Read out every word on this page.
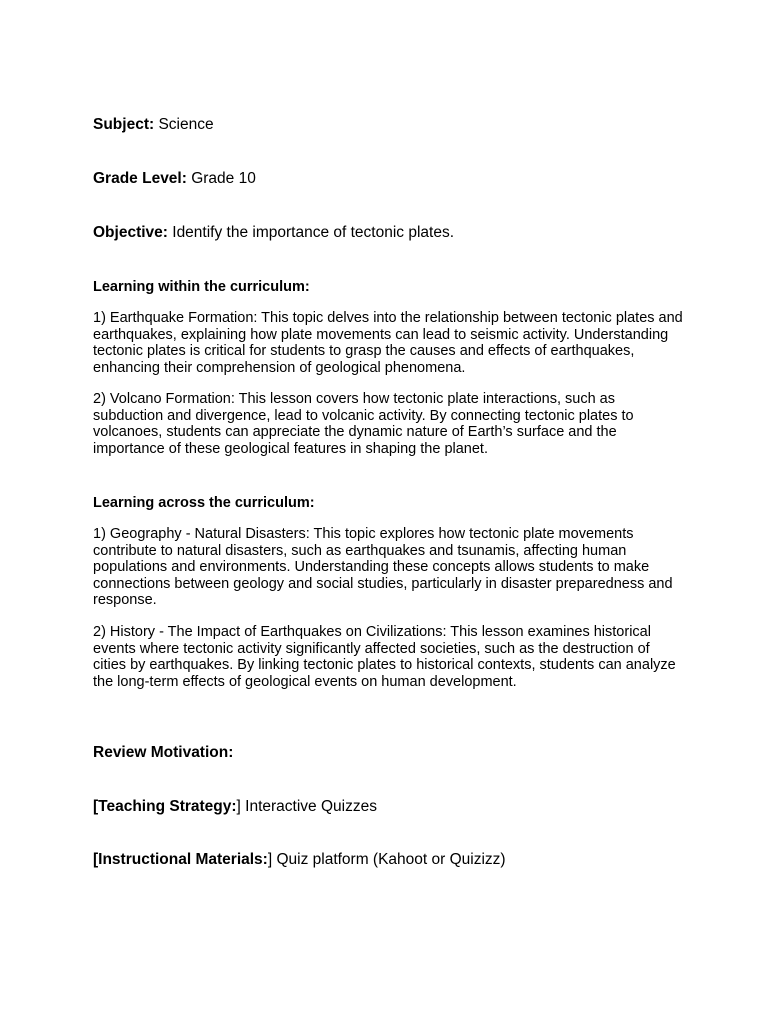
Subject: Science
Grade Level: Grade 10
Objective: Identify the importance of tectonic plates.
Learning within the curriculum:
1) Earthquake Formation: This topic delves into the relationship between tectonic plates and earthquakes, explaining how plate movements can lead to seismic activity. Understanding tectonic plates is critical for students to grasp the causes and effects of earthquakes, enhancing their comprehension of geological phenomena.
2) Volcano Formation: This lesson covers how tectonic plate interactions, such as subduction and divergence, lead to volcanic activity. By connecting tectonic plates to volcanoes, students can appreciate the dynamic nature of Earth’s surface and the importance of these geological features in shaping the planet.
Learning across the curriculum:
1) Geography - Natural Disasters: This topic explores how tectonic plate movements contribute to natural disasters, such as earthquakes and tsunamis, affecting human populations and environments. Understanding these concepts allows students to make connections between geology and social studies, particularly in disaster preparedness and response.
2) History - The Impact of Earthquakes on Civilizations: This lesson examines historical events where tectonic activity significantly affected societies, such as the destruction of cities by earthquakes. By linking tectonic plates to historical contexts, students can analyze the long-term effects of geological events on human development.
Review Motivation:
[Teaching Strategy:] Interactive Quizzes
[Instructional Materials:] Quiz platform (Kahoot or Quizizz)
